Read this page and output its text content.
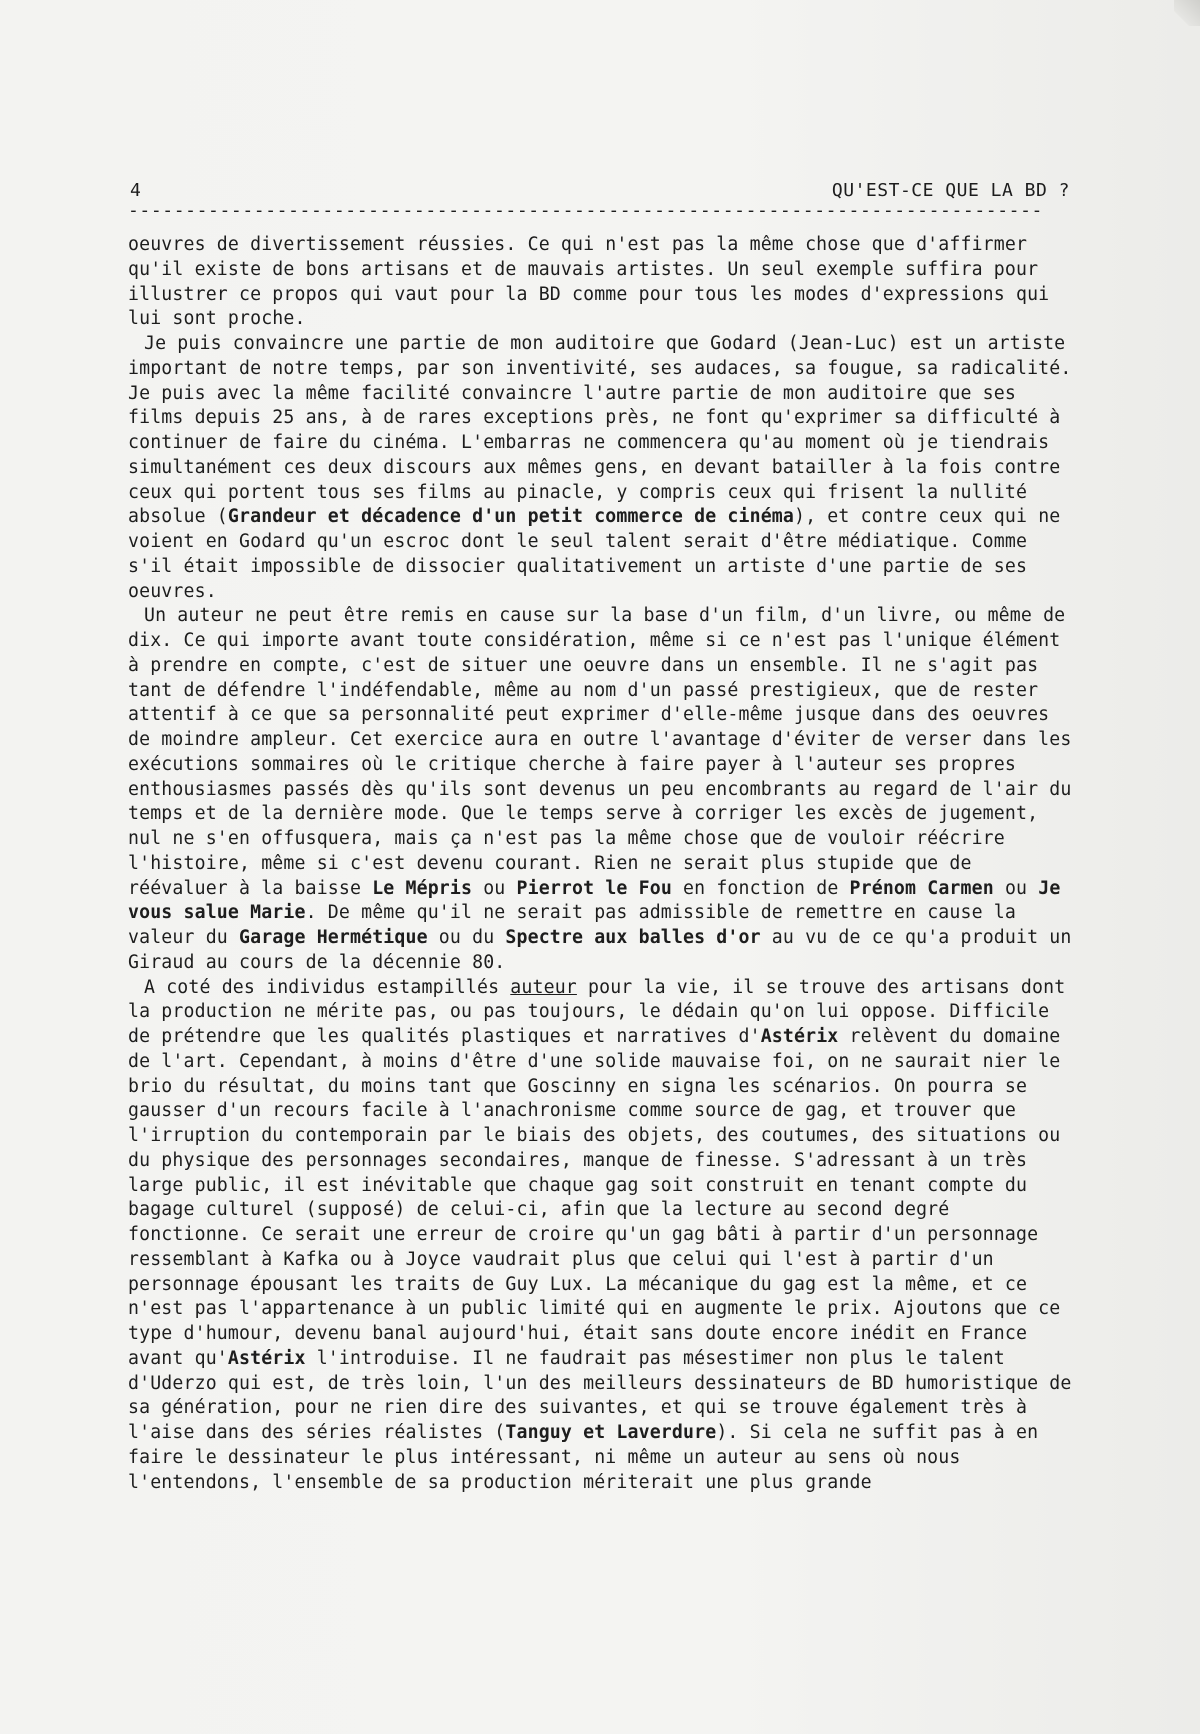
4	QU'EST-CE QUE LA BD ?
--------------------------------------------------------------------------------

oeuvres de divertissement réussies. Ce qui n'est pas la même chose que d'affirmer qu'il existe de bons artisans et de mauvais artistes. Un seul exemple suffira pour illustrer ce propos qui vaut pour la BD comme pour tous les modes d'expressions qui lui sont proche.

Je puis convaincre une partie de mon auditoire que Godard (Jean-Luc) est un artiste important de notre temps, par son inventivité, ses audaces, sa fougue, sa radicalité. Je puis avec la même facilité convaincre l'autre partie de mon auditoire que ses films depuis 25 ans, à de rares exceptions près, ne font qu'exprimer sa difficulté à continuer de faire du cinéma. L'embarras ne commencera qu'au moment où je tiendrais simultanément ces deux discours aux mêmes gens, en devant batailler à la fois contre ceux qui portent tous ses films au pinacle, y compris ceux qui frisent la nullité absolue (Grandeur et décadence d'un petit commerce de cinéma), et contre ceux qui ne voient en Godard qu'un escroc dont le seul talent serait d'être médiatique. Comme s'il était impossible de dissocier qualitativement un artiste d'une partie de ses oeuvres.

Un auteur ne peut être remis en cause sur la base d'un film, d'un livre, ou même de dix. Ce qui importe avant toute considération, même si ce n'est pas l'unique élément à prendre en compte, c'est de situer une oeuvre dans un ensemble. Il ne s'agit pas tant de défendre l'indéfendable, même au nom d'un passé prestigieux, que de rester attentif à ce que sa personnalité peut exprimer d'elle-même jusque dans des oeuvres de moindre ampleur. Cet exercice aura en outre l'avantage d'éviter de verser dans les exécutions sommaires où le critique cherche à faire payer à l'auteur ses propres enthousiasmes passés dès qu'ils sont devenus un peu encombrants au regard de l'air du temps et de la dernière mode. Que le temps serve à corriger les excès de jugement, nul ne s'en offusquera, mais ça n'est pas la même chose que de vouloir réécrire l'histoire, même si c'est devenu courant. Rien ne serait plus stupide que de réévaluer à la baisse Le Mépris ou Pierrot le Fou en fonction de Prénom Carmen ou Je vous salue Marie. De même qu'il ne serait pas admissible de remettre en cause la valeur du Garage Hermétique ou du Spectre aux balles d'or au vu de ce qu'a produit un Giraud au cours de la décennie 80.

A coté des individus estampillés auteur pour la vie, il se trouve des artisans dont la production ne mérite pas, ou pas toujours, le dédain qu'on lui oppose. Difficile de prétendre que les qualités plastiques et narratives d'Astérix relèvent du domaine de l'art. Cependant, à moins d'être d'une solide mauvaise foi, on ne saurait nier le brio du résultat, du moins tant que Goscinny en signa les scénarios. On pourra se gausser d'un recours facile à l'anachronisme comme source de gag, et trouver que l'irruption du contemporain par le biais des objets, des coutumes, des situations ou du physique des personnages secondaires, manque de finesse. S'adressant à un très large public, il est inévitable que chaque gag soit construit en tenant compte du bagage culturel (supposé) de celui-ci, afin que la lecture au second degré fonctionne. Ce serait une erreur de croire qu'un gag bâti à partir d'un personnage ressemblant à Kafka ou à Joyce vaudrait plus que celui qui l'est à partir d'un personnage épousant les traits de Guy Lux. La mécanique du gag est la même, et ce n'est pas l'appartenance à un public limité qui en augmente le prix. Ajoutons que ce type d'humour, devenu banal aujourd'hui, était sans doute encore inédit en France avant qu'Astérix l'introduise. Il ne faudrait pas mésestimer non plus le talent d'Uderzo qui est, de très loin, l'un des meilleurs dessinateurs de BD humoristique de sa génération, pour ne rien dire des suivantes, et qui se trouve également très à l'aise dans des séries réalistes (Tanguy et Laverdure). Si cela ne suffit pas à en faire le dessinateur le plus intéressant, ni même un auteur au sens où nous l'entendons, l'ensemble de sa production mériterait une plus grande
